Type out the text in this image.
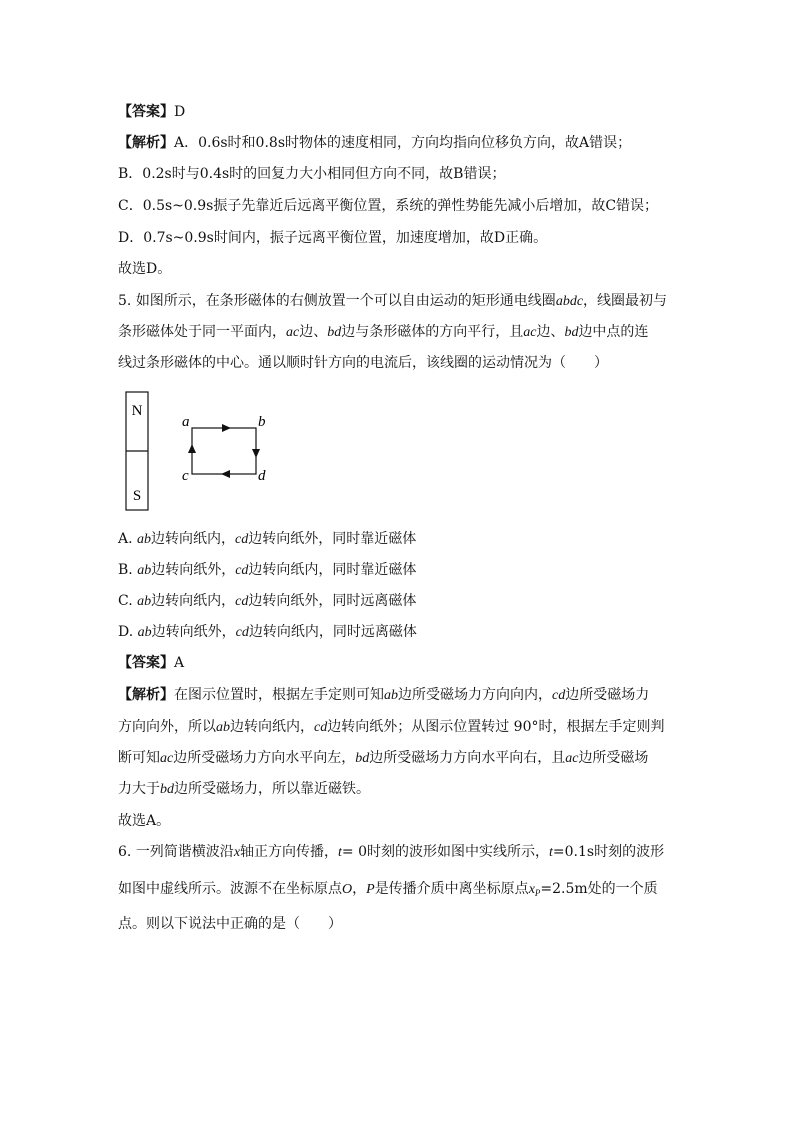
【答案】D
【解析】A．0.6s时和0.8s时物体的速度相同，方向均指向位移负方向，故A错误；
B．0.2s时与0.4s时的回复力大小相同但方向不同，故B错误；
C．0.5s~0.9s振子先靠近后远离平衡位置，系统的弹性势能先减小后增加，故C错误；
D．0.7s~0.9s时间内，振子远离平衡位置，加速度增加，故D正确。
故选D。
5. 如图所示，在条形磁体的右侧放置一个可以自由运动的矩形通电线圈abdc，线圈最初与
条形磁体处于同一平面内，ac边、bd边与条形磁体的方向平行，且ac边、bd边中点的连
线过条形磁体的中心。通以顺时针方向的电流后，该线圈的运动情况为（　　）
N
S
a	b
c	d
A. ab边转向纸内，cd边转向纸外，同时靠近磁体
B. ab边转向纸外，cd边转向纸内，同时靠近磁体
C. ab边转向纸内，cd边转向纸外，同时远离磁体
D. ab边转向纸外，cd边转向纸内，同时远离磁体
【答案】A
【解析】在图示位置时，根据左手定则可知ab边所受磁场力方向向内，cd边所受磁场力
方向向外，所以ab边转向纸内，cd边转向纸外；从图示位置转过 90°时，根据左手定则判
断可知ac边所受磁场力方向水平向左，bd边所受磁场力方向水平向右，且ac边所受磁场
力大于bd边所受磁场力，所以靠近磁铁。
故选A。
6. 一列简谐横波沿x轴正方向传播，t= 0时刻的波形如图中实线所示，t=0.1s时刻的波形
如图中虚线所示。波源不在坐标原点O，P是传播介质中离坐标原点$x_P=2.5m$处的一个质
点。则以下说法中正确的是（　　）
